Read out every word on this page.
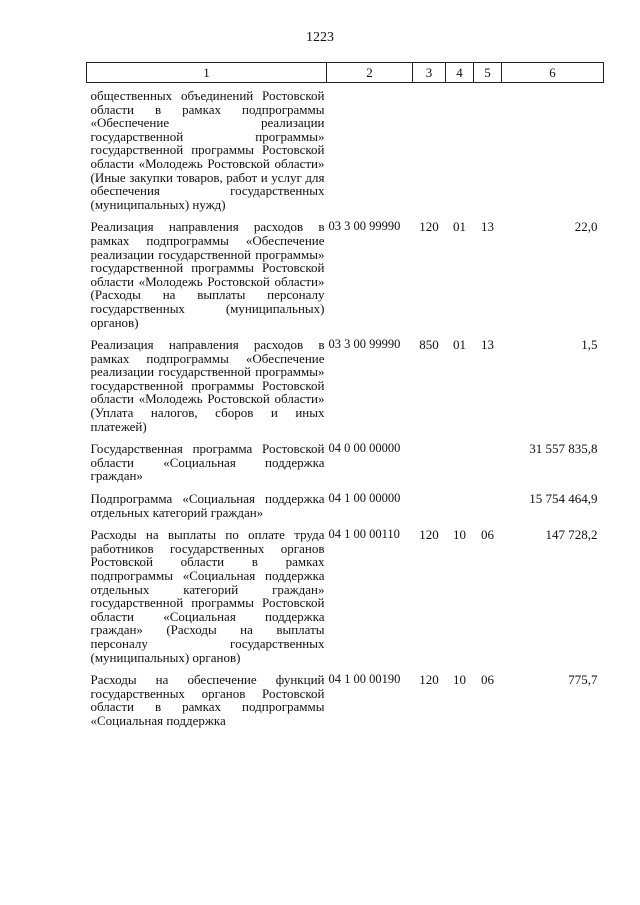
1223
1	2	3	4	5	6
общественных объединений Ростовской области в рамках подпрограммы «Обеспечение реализации государственной программы» государственной программы Ростовской области «Молодежь Ростовской области» (Иные закупки товаров, работ и услуг для обеспечения государственных (муниципальных) нужд)					
Реализация направления расходов в рамках подпрограммы «Обеспечение реализации государственной программы» государственной программы Ростовской области «Молодежь Ростовской области» (Расходы на выплаты персоналу государственных (муниципальных) органов)	03 3 00 99990	120	01	13	22,0
Реализация направления расходов в рамках подпрограммы «Обеспечение реализации государственной программы» государственной программы Ростовской области «Молодежь Ростовской области» (Уплата налогов, сборов и иных платежей)	03 3 00 99990	850	01	13	1,5
Государственная программа Ростовской области «Социальная поддержка граждан»	04 0 00 00000				31 557 835,8
Подпрограмма «Социальная поддержка отдельных категорий граждан»	04 1 00 00000				15 754 464,9
Расходы на выплаты по оплате труда работников государственных органов Ростовской области в рамках подпрограммы «Социальная поддержка отдельных категорий граждан» государственной программы Ростовской области «Социальная поддержка граждан» (Расходы на выплаты персоналу государственных (муниципальных) органов)	04 1 00 00110	120	10	06	147 728,2
Расходы на обеспечение функций государственных органов Ростовской области в рамках подпрограммы «Социальная поддержка	04 1 00 00190	120	10	06	775,7
